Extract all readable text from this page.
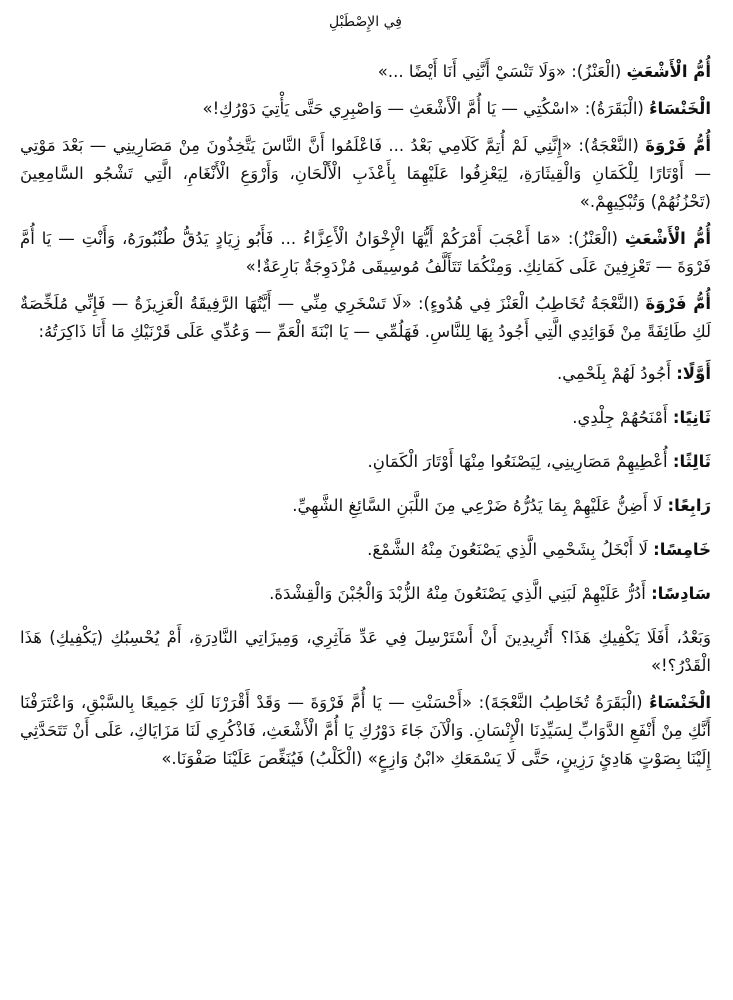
فِي الإِصْطَبْلِ

أُمُّ الْأَشْعَثِ (الْعَنْزُ): «وَلَا تَنْسَيْ أَنَّنِي أَنَا أَيْضًا ...»

الْخَنْسَاءُ (الْبَقَرَةُ): «اسْكُتِي — يَا أُمَّ الْأَشْعَثِ — وَاصْبِرِي حَتَّى يَأْتِيَ دَوْرُكِ!»

أُمُّ فَرْوَةَ (النَّعْجَةُ): «إِنَّنِي لَمْ أُتِمَّ كَلَامِي بَعْدُ ... فَاعْلَمُوا أَنَّ النَّاسَ يَتَّخِذُونَ مِنْ مَصَارِينِي — بَعْدَ مَوْتِي — أَوْتَارًا لِلْكَمَانِ وَالْقِيثَارَةِ، لِيَعْزِفُوا عَلَيْهِمَا بِأَعْذَبِ الْأَلْحَانِ، وَأَرْوَعِ الْأَنْغَامِ، الَّتِي تَشْجُو السَّامِعِينَ (تَحْزُنُهُمْ) وَتُبْكِيهِمْ.»

أُمُّ الْأَشْعَثِ (الْعَنْزُ): «مَا أَعْجَبَ أَمْرَكُمْ أَيُّهَا الْإِخْوَانُ الْأَعِزَّاءُ ... فَأَبُو زِيَادٍ يَدُقُّ طُنْبُورَهُ، وَأَنْتِ — يَا أُمَّ فَرْوَةَ — تَعْزِفِينَ عَلَى كَمَانِكِ. وَمِنْكُمَا تَتَأَلَّفُ مُوسِيقَى مُزْدَوِجَةٌ بَارِعَةٌ!»

أُمُّ فَرْوَةَ (النَّعْجَةُ تُخَاطِبُ الْعَنْزَ فِي هُدُوءٍ): «لَا تَسْخَرِي مِنِّي — أَيَّتُهَا الرَّفِيقَةُ الْعَزِيزَةُ — فَإِنِّي مُلَخِّصَةٌ لَكِ طَائِفَةً مِنْ فَوَائِدِي الَّتِي أَجُودُ بِهَا لِلنَّاسِ. فَهَلُمِّي — يَا ابْنَةَ الْعَمِّ — وَعُدِّي عَلَى قَرْنَيْكِ مَا أَنَا ذَاكِرَتُهُ:

أَوَّلًا: أَجُودُ لَهُمْ بِلَحْمِي.
ثَانِيًا: أَمْنَحُهُمْ جِلْدِي.
ثَالِثًا: أُعْطِيهِمْ مَصَارِينِي، لِيَصْنَعُوا مِنْهَا أَوْتَارَ الْكَمَانِ.
رَابِعًا: لَا أَضِنُّ عَلَيْهِمْ بِمَا يَدُرُّهُ ضَرْعِي مِنَ اللَّبَنِ السَّائِغِ الشَّهِيِّ.
خَامِسًا: لَا أَبْخَلُ بِشَحْمِي الَّذِي يَصْنَعُونَ مِنْهُ الشَّمْعَ.
سَادِسًا: أَدُرُّ عَلَيْهِمْ لَبَنِي الَّذِي يَصْنَعُونَ مِنْهُ الزُّبْدَ وَالْجُبْنَ وَالْقِشْدَةَ.

وَبَعْدُ، أَفَلَا يَكْفِيكِ هَذَا؟ أَتُرِيدِينَ أَنْ أَسْتَرْسِلَ فِي عَدِّ مَآثِرِي، وَمِيزَاتِي النَّادِرَةِ، أَمْ يُحْسِبُكِ (يَكْفِيكِ) هَذَا الْقَدْرُ؟!»

الْخَنْسَاءُ (الْبَقَرَةُ تُخَاطِبُ النَّعْجَةَ): «أَحْسَنْتِ — يَا أُمَّ فَرْوَةَ — وَقَدْ أَقْرَرْنَا لَكِ جَمِيعًا بِالسَّبْقِ، وَاعْتَرَفْنَا أَنَّكِ مِنْ أَنْفَعِ الدَّوَابِّ لِسَيِّدِنَا الْإِنْسَانِ. وَالْآنَ جَاءَ دَوْرُكِ يَا أُمَّ الْأَشْعَثِ، فَاذْكُرِي لَنَا مَزَايَاكِ، عَلَى أَنْ تَتَحَدَّثِي إِلَيْنَا بِصَوْتٍ هَادِئٍ رَزِينٍ، حَتَّى لَا يَسْمَعَكِ «ابْنُ وَازِعٍ» (الْكَلْبُ) فَيُنَغِّصَ عَلَيْنَا صَفْوَنَا.»
